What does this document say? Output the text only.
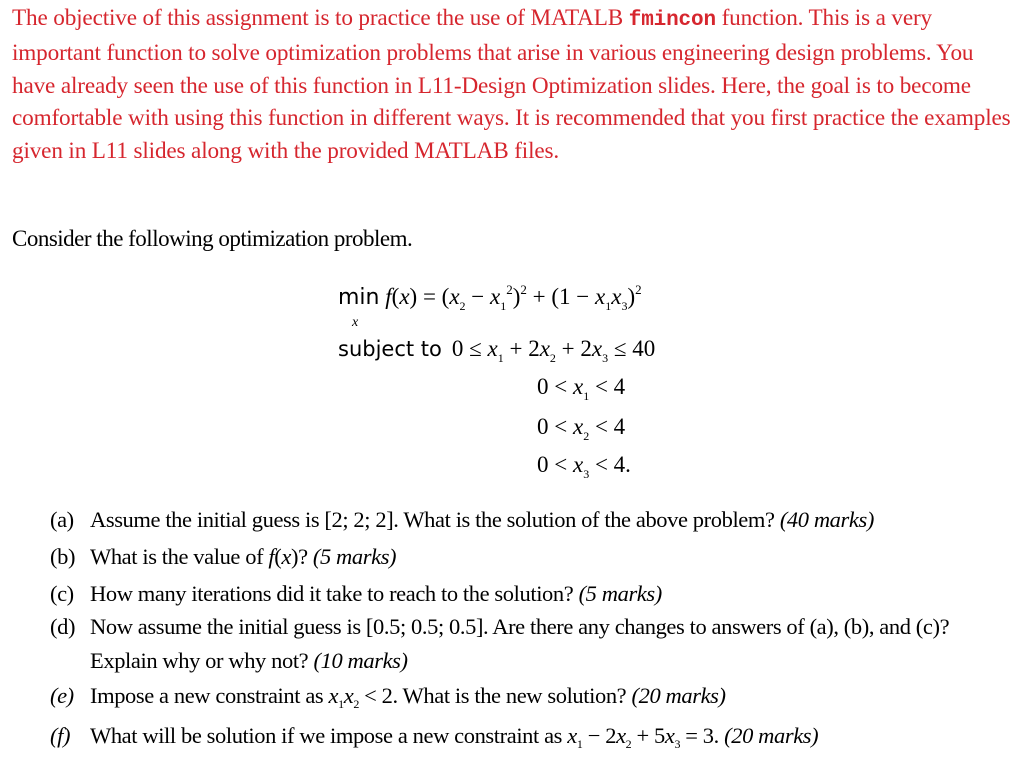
The objective of this assignment is to practice the use of MATALB fmincon function. This is a very important function to solve optimization problems that arise in various engineering design problems. You have already seen the use of this function in L11-Design Optimization slides. Here, the goal is to become comfortable with using this function in different ways. It is recommended that you first practice the examples given in L11 slides along with the provided MATLAB files.
Consider the following optimization problem.
$\min f(x) = (x_2 - x_1^2)^2 + (1 - x_1x_3)^2$
x
subject to $0 \le x_1 + 2x_2 + 2x_3 \le 40$
$0 < x_1 < 4$
$0 < x_2 < 4$
$0 < x_3 < 4$.
(a) Assume the initial guess is [2; 2; 2]. What is the solution of the above problem? (40 marks)
(b) What is the value of f(x)? (5 marks)
(c) How many iterations did it take to reach to the solution? (5 marks)
(d) Now assume the initial guess is [0.5; 0.5; 0.5]. Are there any changes to answers of (a), (b), and (c)?
Explain why or why not? (10 marks)
(e) Impose a new constraint as $x_1x_2 < 2$. What is the new solution? (20 marks)
(f) What will be solution if we impose a new constraint as $x_1 - 2x_2 + 5x_3 = 3$. (20 marks)
